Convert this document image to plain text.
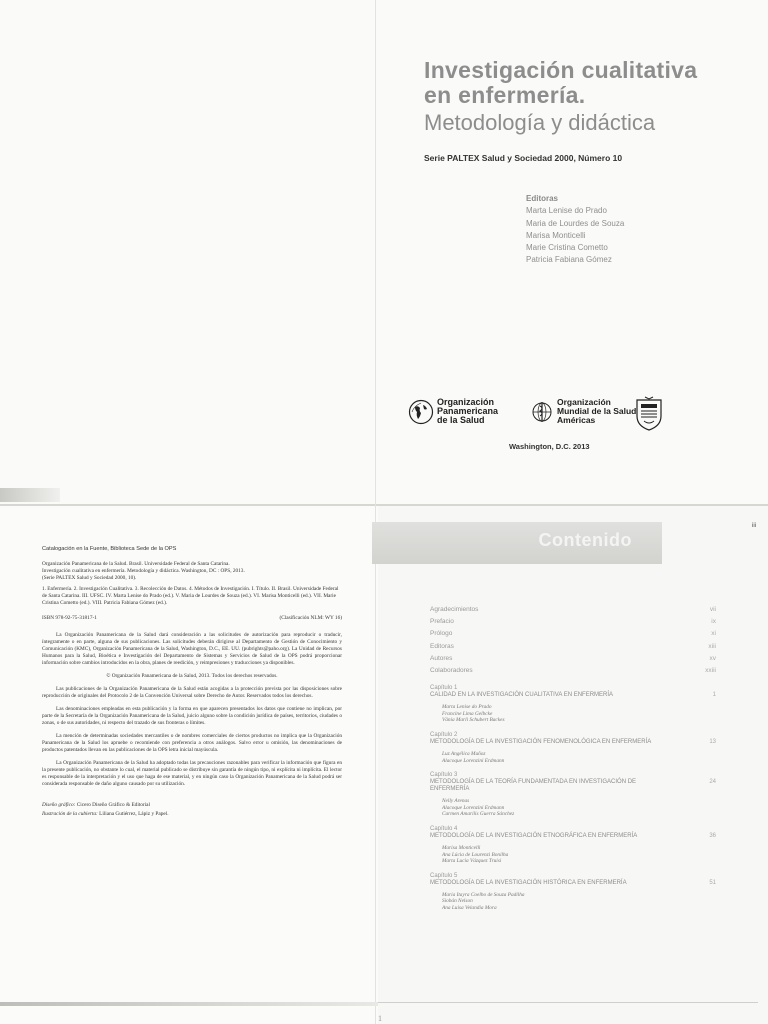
Investigación cualitativa

en enfermería.

Metodología y didáctica

Serie PALTEX Salud y Sociedad 2000, Número 10
Editoras
Marta Lenise do Prado
Maria de Lourdes de Souza
Marisa Monticelli
Marie Cristina Cometto
Patricia Fabiana Gómez
Organización
Panamericana
de la Salud
Organización
Mundial de la Salud
Américas
Washington, D.C. 2013

Catalogación en la Fuente, Biblioteca Sede de la OPS

Organización Panamericana de la Salud. Brasil. Universidade Federal de Santa Catarina.

Investigación cualitativa en enfermería. Metodología y didáctica. Washington, DC : OPS, 2013.

(Serie PALTEX Salud y Sociedad 2000, 10).

1. Enfermería. 2. Investigación Cualitativa. 3. Recolección de Datos. 4. Métodos de Investigación. I. Título. II. Brasil. Universidade Federal de Santa Catarina. III. UFSC. IV. Marta Lenise do Prado (ed.). V. Maria de Lourdes de Souza (ed.). VI. Marisa Monticelli (ed.). VII. Marie Cristina Cometto (ed.). VIII. Patricia Fabiana Gómez (ed.).

ISBN 978-92-75-31817-1	(Clasificación NLM: WY 16)

La Organización Panamericana de la Salud dará consideración a las solicitudes de autorización para reproducir o traducir, íntegramente o en parte, alguna de sus publicaciones. Las solicitudes deberán dirigirse al Departamento de Gestión de Conocimiento y Comunicación (KMC), Organización Panamericana de la Salud, Washington, D.C., EE. UU. (pubrights@paho.org). La Unidad de Recursos Humanos para la Salud, Bioética e Investigación del Departamento de Sistemas y Servicios de Salud de la OPS podrá proporcionar información sobre cambios introducidos en la obra, planes de reedición, y reimpresiones y traducciones ya disponibles.

© Organización Panamericana de la Salud, 2013. Todos los derechos reservados.

Las publicaciones de la Organización Panamericana de la Salud están acogidas a la protección prevista por las disposiciones sobre reproducción de originales del Protocolo 2 de la Convención Universal sobre Derecho de Autor. Reservados todos los derechos.

Las denominaciones empleadas en esta publicación y la forma en que aparecen presentados los datos que contiene no implican, por parte de la Secretaría de la Organización Panamericana de la Salud, juicio alguno sobre la condición jurídica de países, territorios, ciudades o zonas, o de sus autoridades, ni respecto del trazado de sus fronteras o límites.

La mención de determinadas sociedades mercantiles o de nombres comerciales de ciertos productos no implica que la Organización Panamericana de la Salud los apruebe o recomiende con preferencia a otros análogos. Salvo error u omisión, las denominaciones de productos patentados llevan en las publicaciones de la OPS letra inicial mayúscula.

La Organización Panamericana de la Salud ha adoptado todas las precauciones razonables para verificar la información que figura en la presente publicación, no obstante lo cual, el material publicado se distribuye sin garantía de ningún tipo, ni explícita ni implícita. El lector es responsable de la interpretación y el uso que haga de ese material, y en ningún caso la Organización Panamericana de la Salud podrá ser considerada responsable de daño alguno causado por su utilización.

Diseño gráfico: Cicero Diseño Gráfico & Editorial

Ilustración de la cubierta: Liliana Gutiérrez, Lápiz y Papel.

Contenido
iii
Agradecimientos	vii
Prefacio	ix
Prólogo	xi
Editoras	xiii
Autores	xv
Colaboradores	xxiii
Capítulo 1
CALIDAD EN LA INVESTIGACIÓN CUALITATIVA EN ENFERMERÍA	1
Marta Lenise do Prado
Francine Lima Gelbcke
Vânia Marli Schubert Backes
Capítulo 2
METODOLOGÍA DE LA INVESTIGACIÓN FENOMENOLÓGICA EN ENFERMERÍA	13
Luz Angélica Muñoz
Alacoque Lorenzini Erdmann
Capítulo 3
METODOLOGÍA DE LA TEORÍA FUNDAMENTADA EN INVESTIGACIÓN DE ENFERMERÍA
24
Nelly Arenas
Alacoque Lorenzini Erdmann
Carmen Amarilis Guerra Sánchez
Capítulo 4
METODOLOGÍA DE LA INVESTIGACIÓN ETNOGRÁFICA EN ENFERMERÍA	36
Marisa Monticelli
Ana Lúcia de Lourenzi Bonilha
Marta Lucia Vázquez Truisi
Capítulo 5
METODOLOGÍA DE LA INVESTIGACIÓN HISTÓRICA EN ENFERMERÍA	51
Maria Itayra Coelho de Souza Padilha
Siobán Nelson
Ana Luisa Velandia Mora
1
